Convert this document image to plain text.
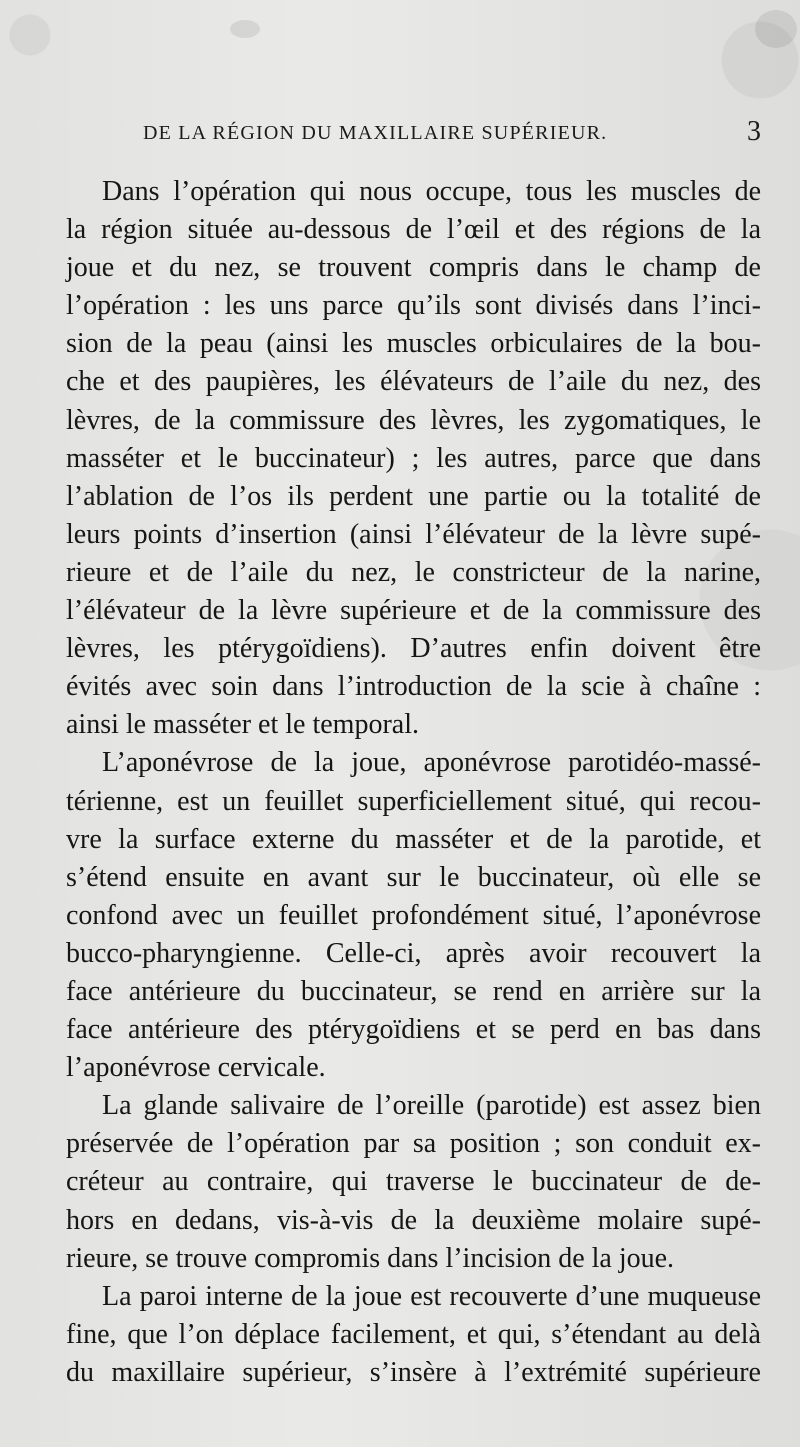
DE LA RÉGION DU MAXILLAIRE SUPÉRIEUR.	3
Dans l’opération qui nous occupe, tous les muscles de
la région située au-dessous de l’œil et des régions de la
joue et du nez, se trouvent compris dans le champ de
l’opération : les uns parce qu’ils sont divisés dans l’inci-
sion de la peau (ainsi les muscles orbiculaires de la bou-
che et des paupières, les élévateurs de l’aile du nez, des
lèvres, de la commissure des lèvres, les zygomatiques, le
masséter et le buccinateur) ; les autres, parce que dans
l’ablation de l’os ils perdent une partie ou la totalité de
leurs points d’insertion (ainsi l’élévateur de la lèvre supé-
rieure et de l’aile du nez, le constricteur de la narine,
l’élévateur de la lèvre supérieure et de la commissure des
lèvres, les ptérygoïdiens). D’autres enfin doivent être
évités avec soin dans l’introduction de la scie à chaîne :
ainsi le masséter et le temporal.
L’aponévrose de la joue, aponévrose parotidéo-massé-
térienne, est un feuillet superficiellement situé, qui recou-
vre la surface externe du masséter et de la parotide, et
s’étend ensuite en avant sur le buccinateur, où elle se
confond avec un feuillet profondément situé, l’aponévrose
bucco-pharyngienne. Celle-ci, après avoir recouvert la
face antérieure du buccinateur, se rend en arrière sur la
face antérieure des ptérygoïdiens et se perd en bas dans
l’aponévrose cervicale.
La glande salivaire de l’oreille (parotide) est assez bien
préservée de l’opération par sa position ; son conduit ex-
créteur au contraire, qui traverse le buccinateur de de-
hors en dedans, vis-à-vis de la deuxième molaire supé-
rieure, se trouve compromis dans l’incision de la joue.
La paroi interne de la joue est recouverte d’une muqueuse
fine, que l’on déplace facilement, et qui, s’étendant au delà
du maxillaire supérieur, s’insère à l’extrémité supérieure
